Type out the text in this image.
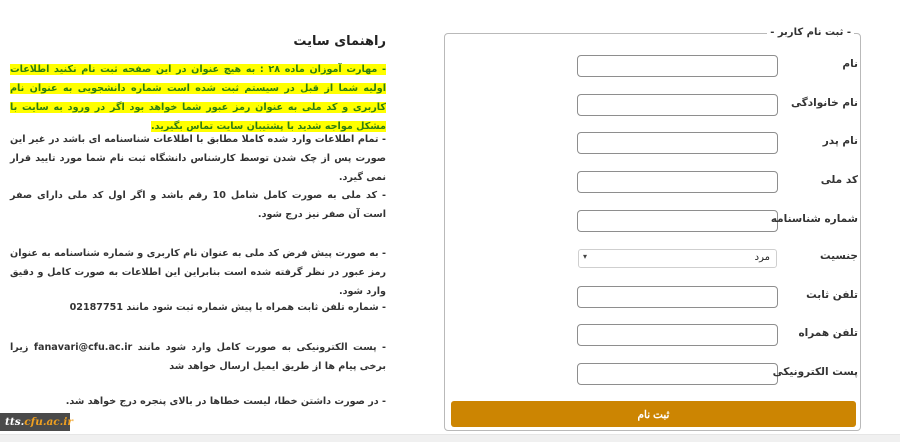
راهنمای سایت
- مهارت آموزان ماده ۲۸ : به هیچ عنوان در این صفحه ثبت نام نکنید اطلاعات اولیه شما از قبل در سیستم ثبت شده است شماره دانشجویی به عنوان نام کاربری و کد ملی به عنوان رمز عبور شما خواهد بود اگر در ورود به سایت با مشکل مواجه شدید با پشتیبان سایت تماس بگیرید.
- تمام اطلاعات وارد شده کاملا مطابق با اطلاعات شناسنامه ای باشد در غیر این صورت پس از چک شدن توسط کارشناس دانشگاه ثبت نام شما مورد تایید قرار نمی گیرد.
- کد ملی به صورت کامل شامل 10 رقم باشد و اگر اول کد ملی دارای صفر است آن صفر نیز درج شود.
- به صورت پیش فرض کد ملی به عنوان نام کاربری و شماره شناسنامه به عنوان رمز عبور در نظر گرفته شده است بنابراین این اطلاعات به صورت کامل و دقیق وارد شود.
- شماره تلفن ثابت همراه با پیش شماره ثبت شود مانند 02187751
- پست الکترونیکی به صورت کامل وارد شود مانند fanavari@cfu.ac.ir زیرا برخی پیام ها از طریق ایمیل ارسال خواهد شد
- در صورت داشتن خطا، لیست خطاها در بالای پنجره درج خواهد شد.
- ثبت نام کاربر -
نام
نام خانوادگی
نام پدر
کد ملی
شماره شناسنامه
مرد
▾	جنسیت
تلفن ثابت
تلفن همراه
پست الکترونیکی
ثبت نام
tts.cfu.ac.ir
